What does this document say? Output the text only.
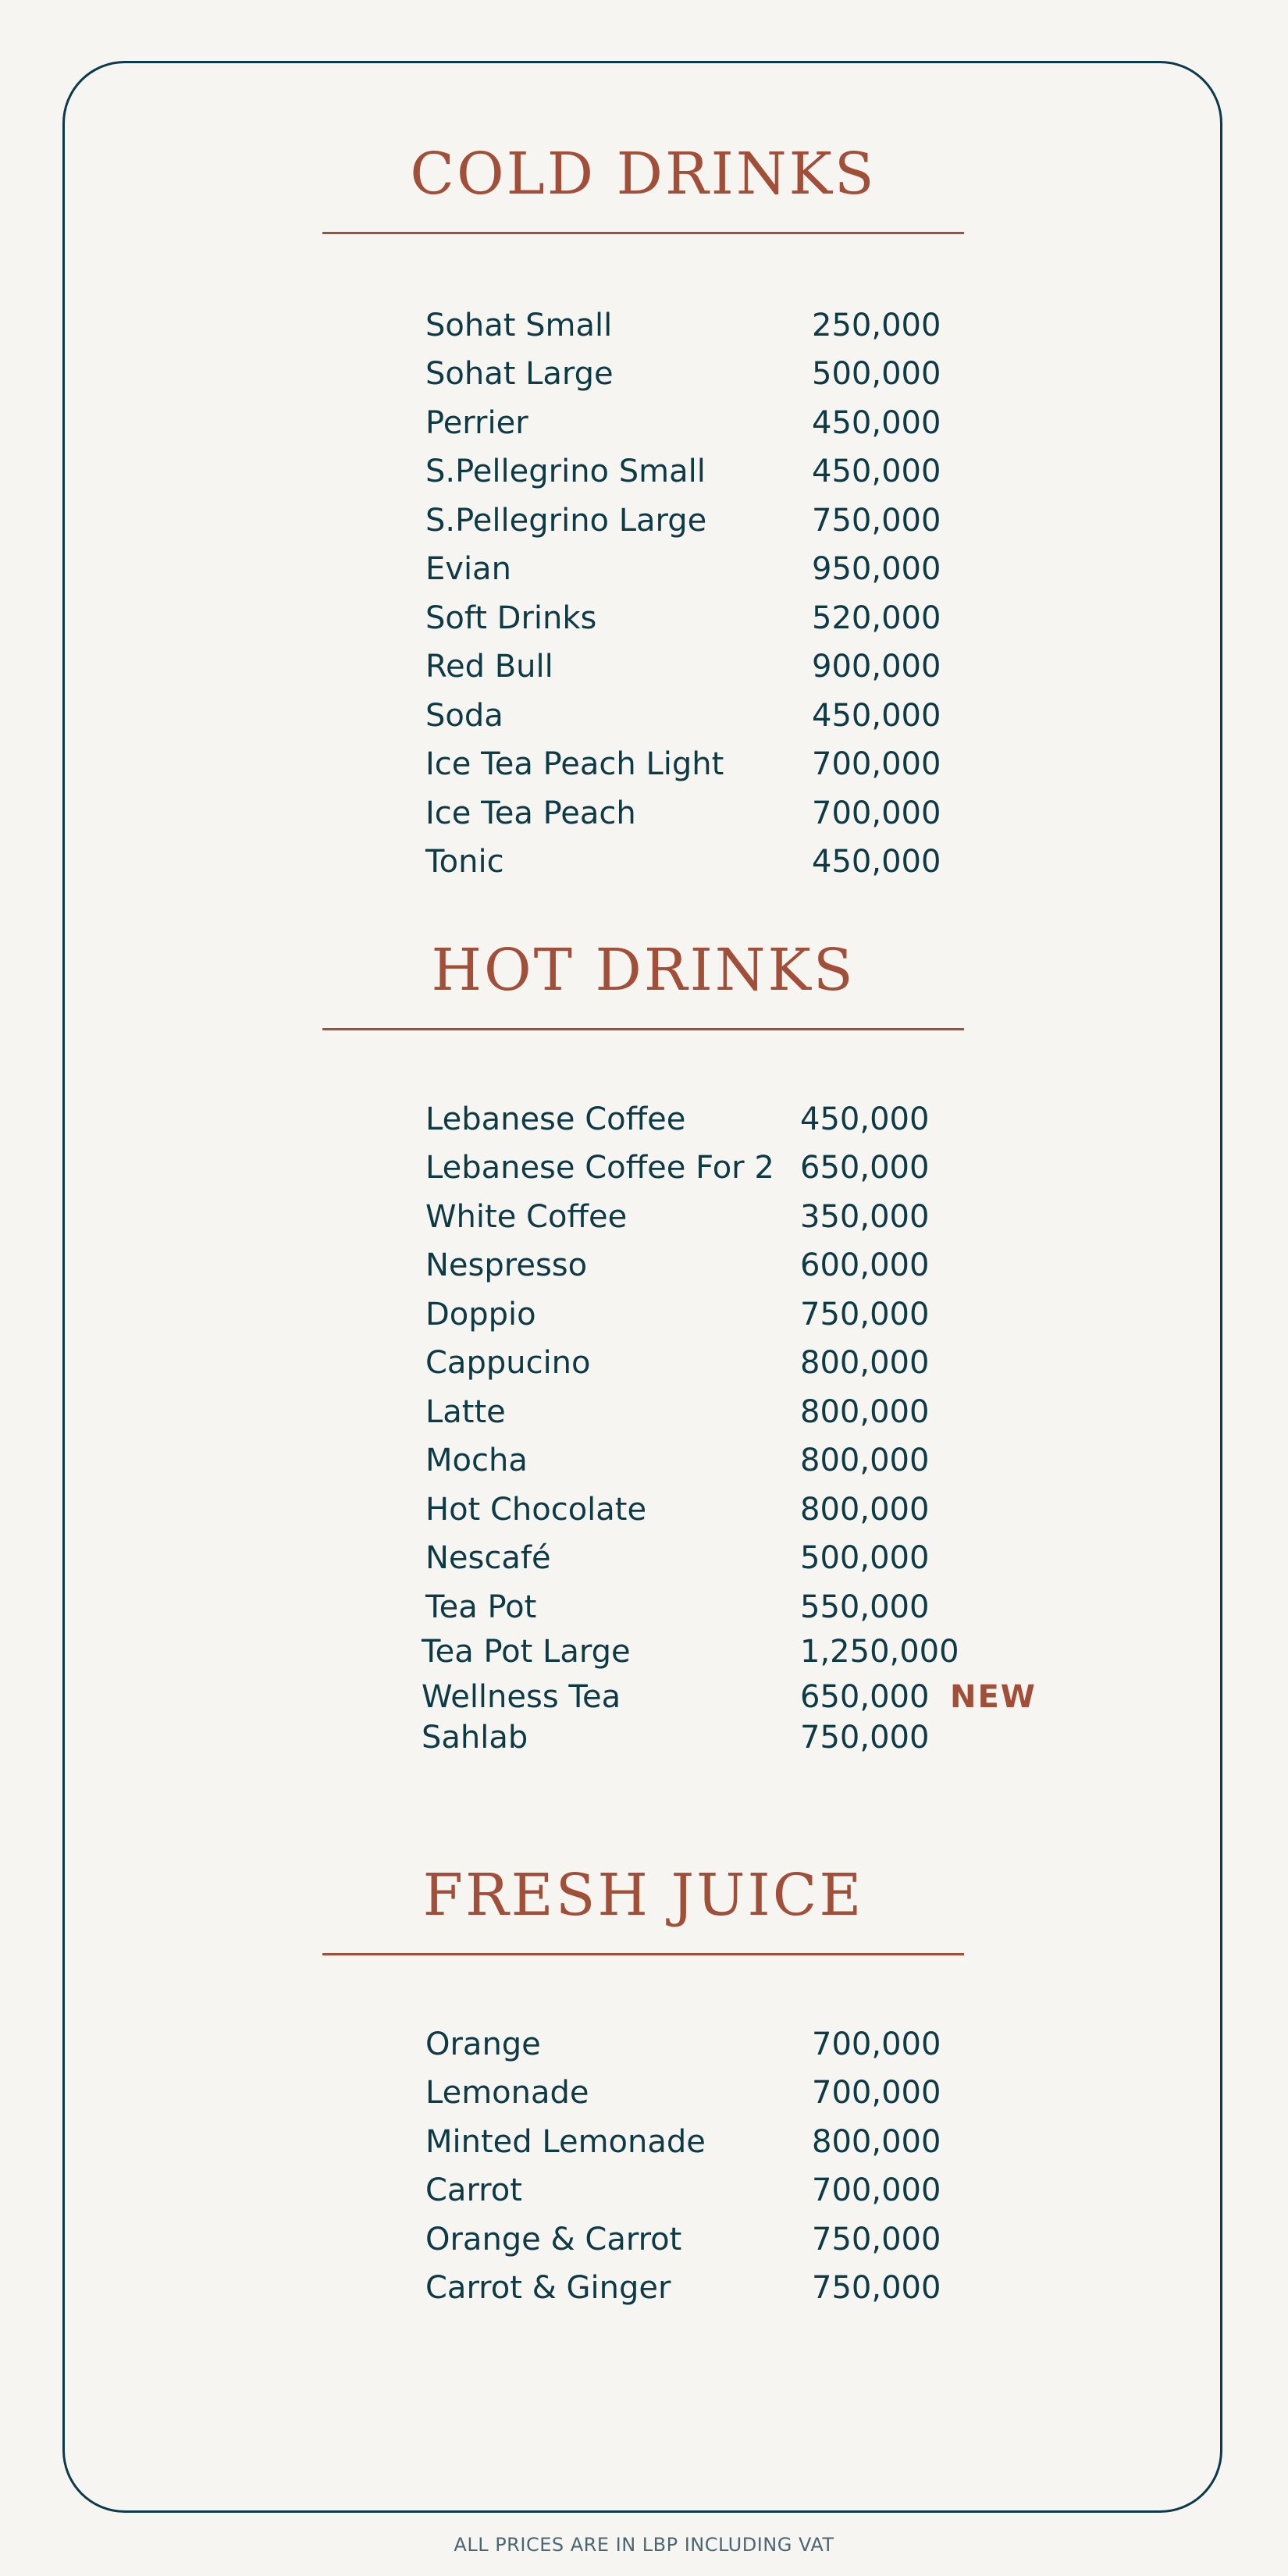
COLD DRINKS
Sohat Small	250,000
Sohat Large	500,000
Perrier	450,000
S.Pellegrino Small	450,000
S.Pellegrino Large	750,000
Evian	950,000
Soft Drinks	520,000
Red Bull	900,000
Soda	450,000
Ice Tea Peach Light	700,000
Ice Tea Peach	700,000
Tonic	450,000
HOT DRINKS
Lebanese Coffee	450,000
Lebanese Coffee For 2 650,000
White Coffee	350,000
Nespresso	600,000
Doppio	750,000
Cappucino	800,000
Latte	800,000
Mocha	800,000
Hot Chocolate	800,000
Nescafé	500,000
Tea Pot	550,000
Tea Pot Large	1,250,000
Wellness Tea	650,000 NEW
Sahlab	750,000
FRESH JUICE
Orange	700,000
Lemonade	700,000
Minted Lemonade	800,000
Carrot	700,000
Orange & Carrot	750,000
Carrot & Ginger	750,000
ALL PRICES ARE IN LBP INCLUDING VAT
